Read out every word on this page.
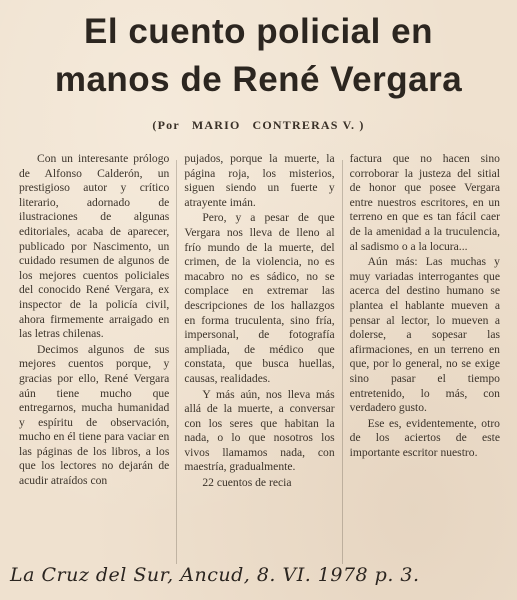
El cuento policial en
manos de René Vergara
(Por MARIO CONTRERAS V. )

Con un interesante prólogo de Alfonso Calderón, un prestigioso autor y crítico literario, adornado de ilustraciones de algunas editoriales, acaba de aparecer, publicado por Nascimento, un cuidado resumen de algunos de los mejores cuentos policiales del conocido René Vergara, ex inspector de la policía civil, ahora firmemente arraigado en las letras chilenas.

Decimos algunos de sus mejores cuentos porque, y gracias por ello, René Vergara aún tiene mucho que entregarnos, mucha humanidad y espíritu de observación, mucho en él tiene para vaciar en las páginas de los libros, a los que los lectores no dejarán de acudir atraídos con

pujados, porque la muerte, la página roja, los misterios, siguen siendo un fuerte y atrayente imán.

Pero, y a pesar de que Vergara nos lleva de lleno al frío mundo de la muerte, del crimen, de la violencia, no es macabro no es sádico, no se complace en extremar las descripciones de los hallazgos en forma truculenta, sino fría, impersonal, de fotografía ampliada, de médico que constata, que busca huellas, causas, realidades.

Y más aún, nos lleva más allá de la muerte, a conversar con los seres que habitan la nada, o lo que nosotros los vivos llamamos nada, con maestría, gradualmente.

22 cuentos de recia

factura que no hacen sino corroborar la justeza del sitial de honor que posee Vergara entre nuestros escritores, en un terreno en que es tan fácil caer de la amenidad a la truculencia, al sadismo o a la locura...

Aún más: Las muchas y muy variadas interrogantes que acerca del destino humano se plantea el hablante mueven a pensar al lector, lo mueven a dolerse, a sopesar las afirmaciones, en un terreno en que, por lo general, no se exige sino pasar el tiempo entretenido, lo más, con verdadero gusto.

Ese es, evidentemente, otro de los aciertos de este importante escritor nuestro.

La Cruz del Sur, Ancud, 8. VI. 1978 p. 3.
